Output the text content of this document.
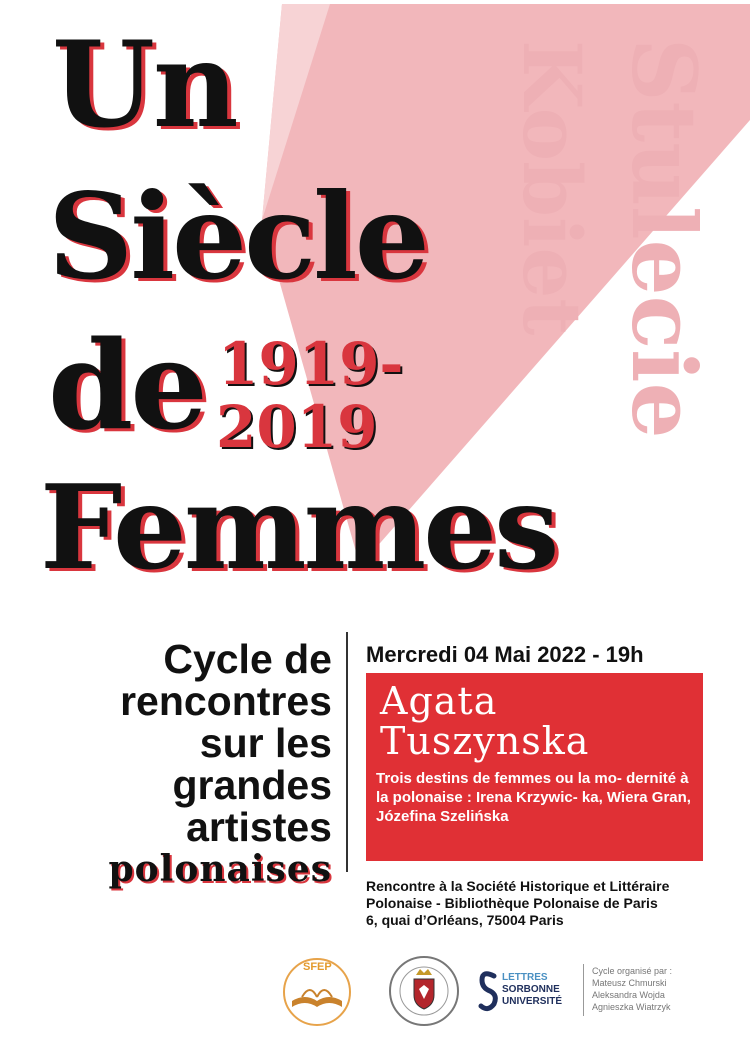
Kobiet Stulecie
Un
Siècle
de 1919-
2019
Femmes
Cycle de
rencontres
sur les
grandes
artistes
polonaises
Mercredi 04 Mai 2022 - 19h
Agata
Tuszynska
Trois destins de femmes ou la mo- dernité à la polonaise : Irena Krzywic- ka, Wiera Gran, Józefina Szelińska
Rencontre à la Société Historique et Littéraire
Polonaise - Bibliothèque Polonaise de Paris
6, quai d’Orléans, 75004 Paris
SFEP
LETTRES
SORBONNE
UNIVERSITÉ
Cycle organisé par :
Mateusz Chmurski
Aleksandra Wojda
Agnieszka Wiatrzyk
